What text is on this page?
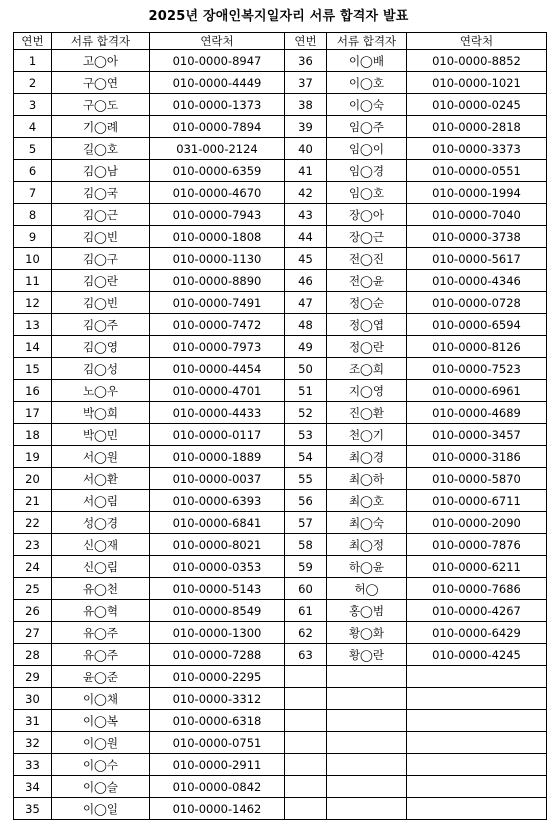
2025년 장애인복지일자리 서류 합격자 발표
연번	서류 합격자	연락처	연번	서류 합격자	연락처
1	고◯아	010-0000-8947	36	이◯배	010-0000-8852
2	구◯연	010-0000-4449	37	이◯호	010-0000-1021
3	구◯도	010-0000-1373	38	이◯숙	010-0000-0245
4	기◯례	010-0000-7894	39	임◯주	010-0000-2818
5	길◯호	031-000-2124	40	임◯이	010-0000-3373
6	김◯남	010-0000-6359	41	임◯경	010-0000-0551
7	김◯국	010-0000-4670	42	임◯호	010-0000-1994
8	김◯근	010-0000-7943	43	장◯아	010-0000-7040
9	김◯빈	010-0000-1808	44	장◯근	010-0000-3738
10	김◯구	010-0000-1130	45	전◯진	010-0000-5617
11	김◯란	010-0000-8890	46	전◯윤	010-0000-4346
12	김◯빈	010-0000-7491	47	정◯순	010-0000-0728
13	김◯주	010-0000-7472	48	정◯엽	010-0000-6594
14	김◯영	010-0000-7973	49	정◯란	010-0000-8126
15	김◯성	010-0000-4454	50	조◯희	010-0000-7523
16	노◯우	010-0000-4701	51	지◯영	010-0000-6961
17	박◯희	010-0000-4433	52	진◯환	010-0000-4689
18	박◯민	010-0000-0117	53	천◯기	010-0000-3457
19	서◯원	010-0000-1889	54	최◯경	010-0000-3186
20	서◯환	010-0000-0037	55	최◯하	010-0000-5870
21	서◯림	010-0000-6393	56	최◯호	010-0000-6711
22	성◯경	010-0000-6841	57	최◯숙	010-0000-2090
23	신◯재	010-0000-8021	58	최◯정	010-0000-7876
24	신◯림	010-0000-0353	59	하◯윤	010-0000-6211
25	유◯천	010-0000-5143	60	허◯	010-0000-7686
26	유◯혁	010-0000-8549	61	홍◯범	010-0000-4267
27	유◯주	010-0000-1300	62	황◯화	010-0000-6429
28	유◯주	010-0000-7288	63	황◯란	010-0000-4245
29	윤◯준	010-0000-2295			
30	이◯채	010-0000-3312			
31	이◯복	010-0000-6318			
32	이◯원	010-0000-0751			
33	이◯수	010-0000-2911			
34	이◯슬	010-0000-0842			
35	이◯일	010-0000-1462			
